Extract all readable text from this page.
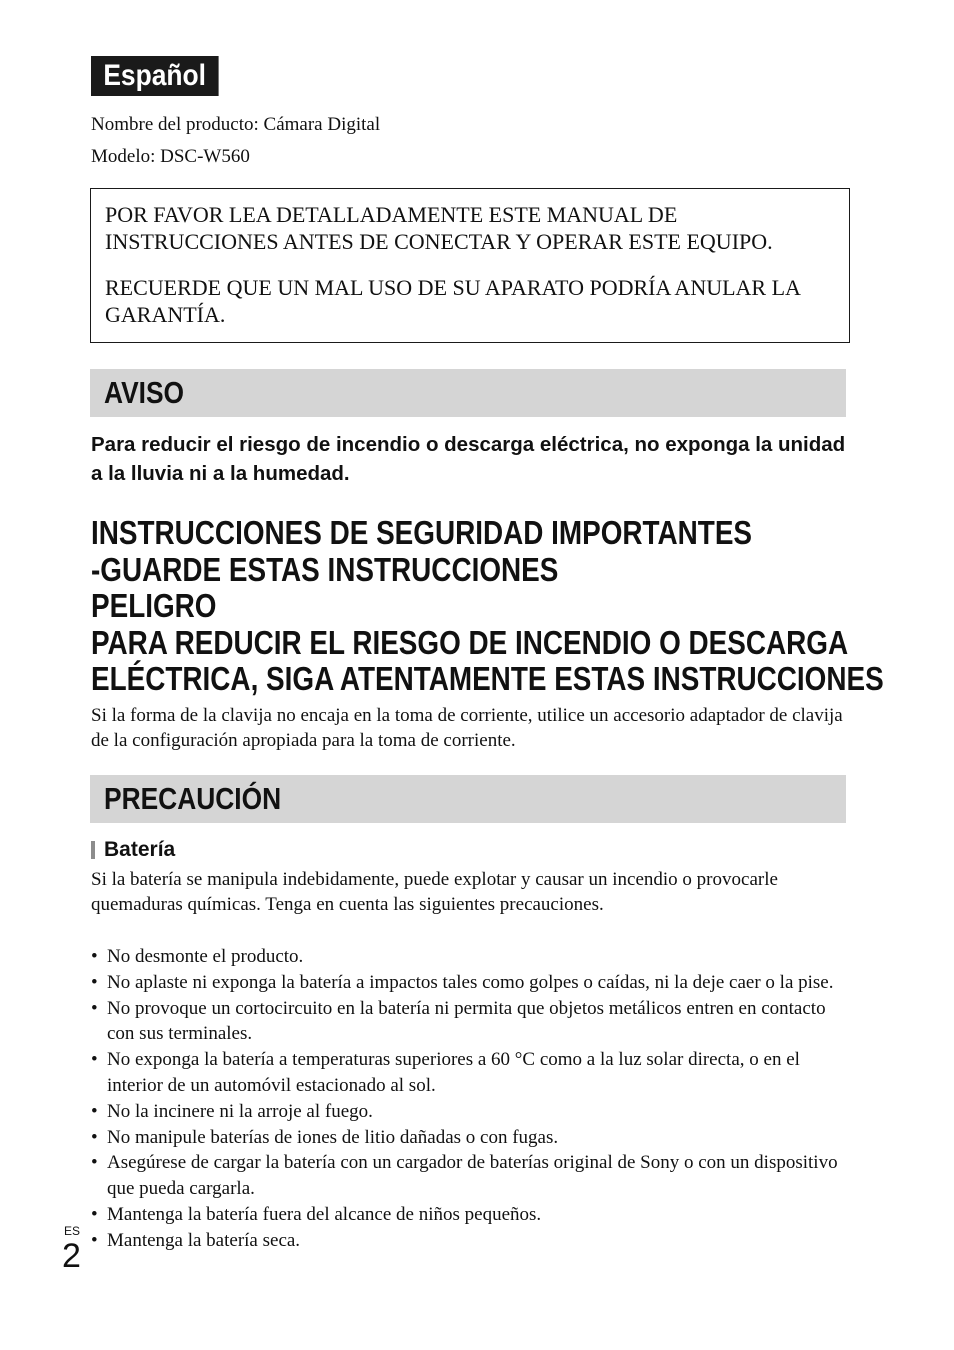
Español
Nombre del producto: Cámara Digital
Modelo: DSC-W560

POR FAVOR LEA DETALLADAMENTE ESTE MANUAL DE INSTRUCCIONES ANTES DE CONECTAR Y OPERAR ESTE EQUIPO.

RECUERDE QUE UN MAL USO DE SU APARATO PODRÍA ANULAR LA GARANTÍA.

AVISO
Para reducir el riesgo de incendio o descarga eléctrica, no exponga la unidad a la lluvia ni a la humedad.
INSTRUCCIONES DE SEGURIDAD IMPORTANTES
-GUARDE ESTAS INSTRUCCIONES
PELIGRO
PARA REDUCIR EL RIESGO DE INCENDIO O DESCARGA
ELÉCTRICA, SIGA ATENTAMENTE ESTAS INSTRUCCIONES
Si la forma de la clavija no encaja en la toma de corriente, utilice un accesorio adaptador de clavija de la configuración apropiada para la toma de corriente.
PRECAUCIÓN
Batería
Si la batería se manipula indebidamente, puede explotar y causar un incendio o provocarle quemaduras químicas. Tenga en cuenta las siguientes precauciones.
• No desmonte el producto.
• No aplaste ni exponga la batería a impactos tales como golpes o caídas, ni la deje caer o la pise.
• No provoque un cortocircuito en la batería ni permita que objetos metálicos entren en contacto con sus terminales.
• No exponga la batería a temperaturas superiores a 60 °C como a la luz solar directa, o en el interior de un automóvil estacionado al sol.
• No la incinere ni la arroje al fuego.
• No manipule baterías de iones de litio dañadas o con fugas.
• Asegúrese de cargar la batería con un cargador de baterías original de Sony o con un dispositivo que pueda cargarla.
• Mantenga la batería fuera del alcance de niños pequeños.
• Mantenga la batería seca.
ES
2
